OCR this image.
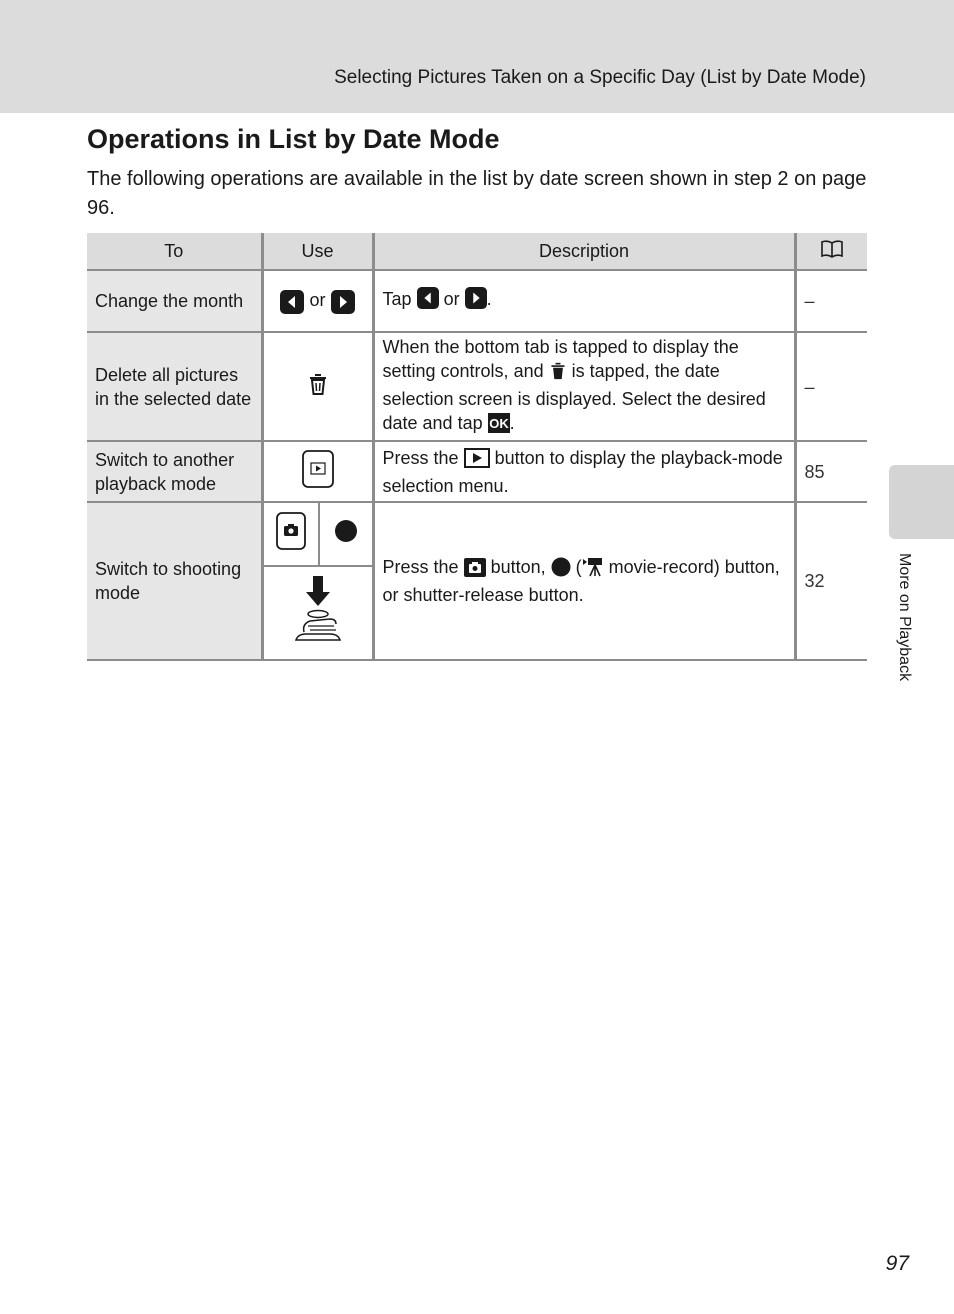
Selecting Pictures Taken on a Specific Day (List by Date Mode)
Operations in List by Date Mode

The following operations are available in the list by date screen shown in step 2 on page 96.

To	Use	Description	
Change the month	or	Tap or .	–
Delete all pictures in the selected date		When the bottom tab is tapped to display the setting controls, and is tapped, the date selection screen is displayed. Select the desired date and tap OK .	–
Switch to another playback mode		Press the button to display the playback-mode selection menu.	85
Switch to shooting mode		Press the button, ( movie-record) button, or shutter-release button.	32	More on Playback
97
